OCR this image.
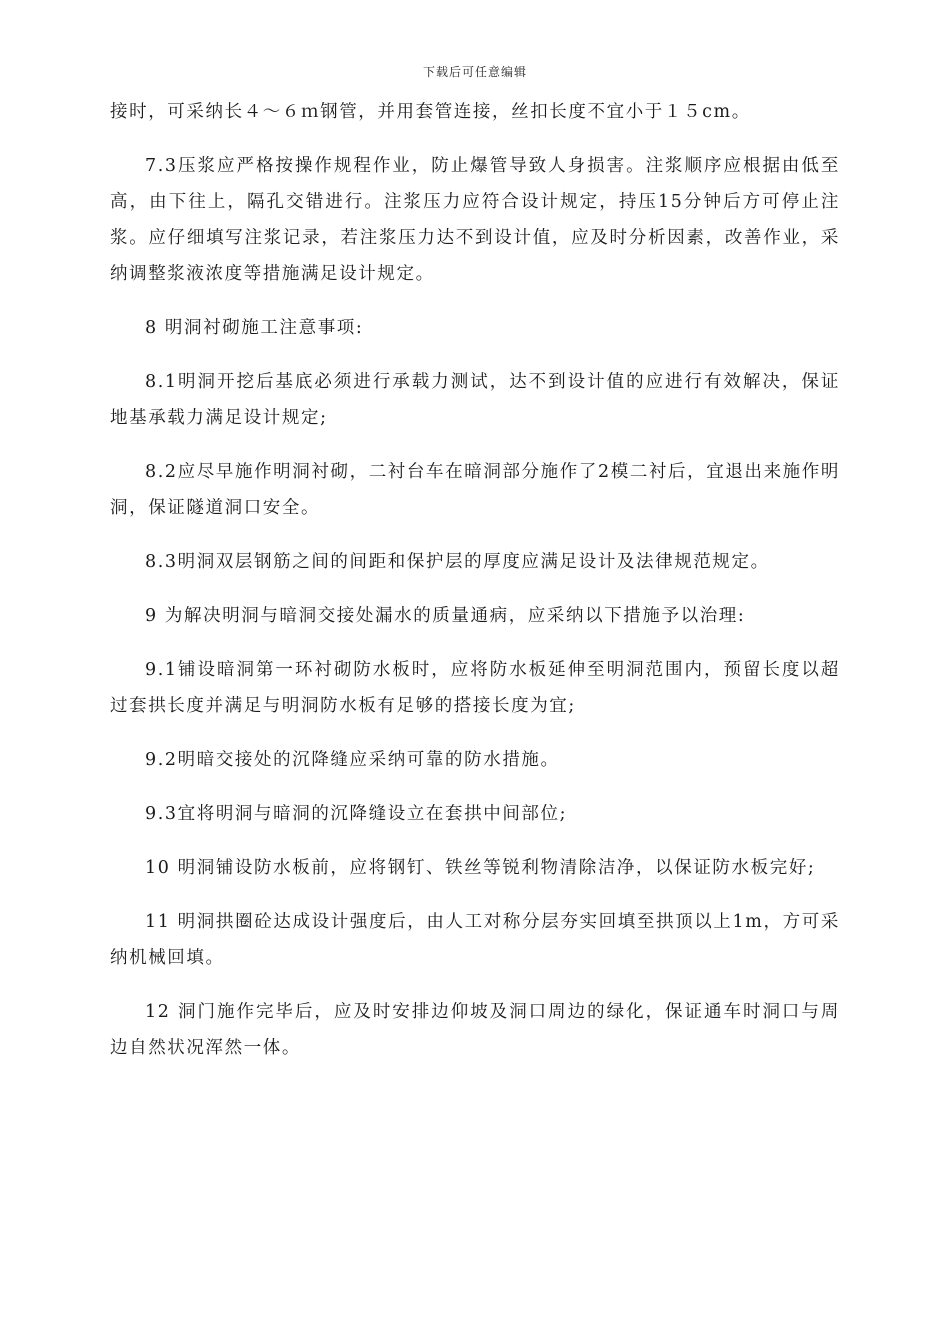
下载后可任意编辑

接时，可采纳长４～６ｍ钢管，并用套管连接，丝扣长度不宜小于１５cm。

7.3压浆应严格按操作规程作业，防止爆管导致人身损害。注浆顺序应根据由低至高，由下往上，隔孔交错进行。注浆压力应符合设计规定，持压15分钟后方可停止注浆。应仔细填写注浆记录，若注浆压力达不到设计值，应及时分析因素，改善作业，采纳调整浆液浓度等措施满足设计规定。

8 明洞衬砌施工注意事项:

8.1明洞开挖后基底必须进行承载力测试，达不到设计值的应进行有效解决，保证地基承载力满足设计规定;

8.2应尽早施作明洞衬砌，二衬台车在暗洞部分施作了2模二衬后，宜退出来施作明洞，保证隧道洞口安全。

8.3明洞双层钢筋之间的间距和保护层的厚度应满足设计及法律规范规定。

9 为解决明洞与暗洞交接处漏水的质量通病，应采纳以下措施予以治理:

9.1铺设暗洞第一环衬砌防水板时，应将防水板延伸至明洞范围内，预留长度以超过套拱长度并满足与明洞防水板有足够的搭接长度为宜;

9.2明暗交接处的沉降缝应采纳可靠的防水措施。

9.3宜将明洞与暗洞的沉降缝设立在套拱中间部位;

10 明洞铺设防水板前，应将钢钉、铁丝等锐利物清除洁净，以保证防水板完好;

11 明洞拱圈砼达成设计强度后，由人工对称分层夯实回填至拱顶以上1m，方可采纳机械回填。

12 洞门施作完毕后，应及时安排边仰坡及洞口周边的绿化，保证通车时洞口与周边自然状况浑然一体。
